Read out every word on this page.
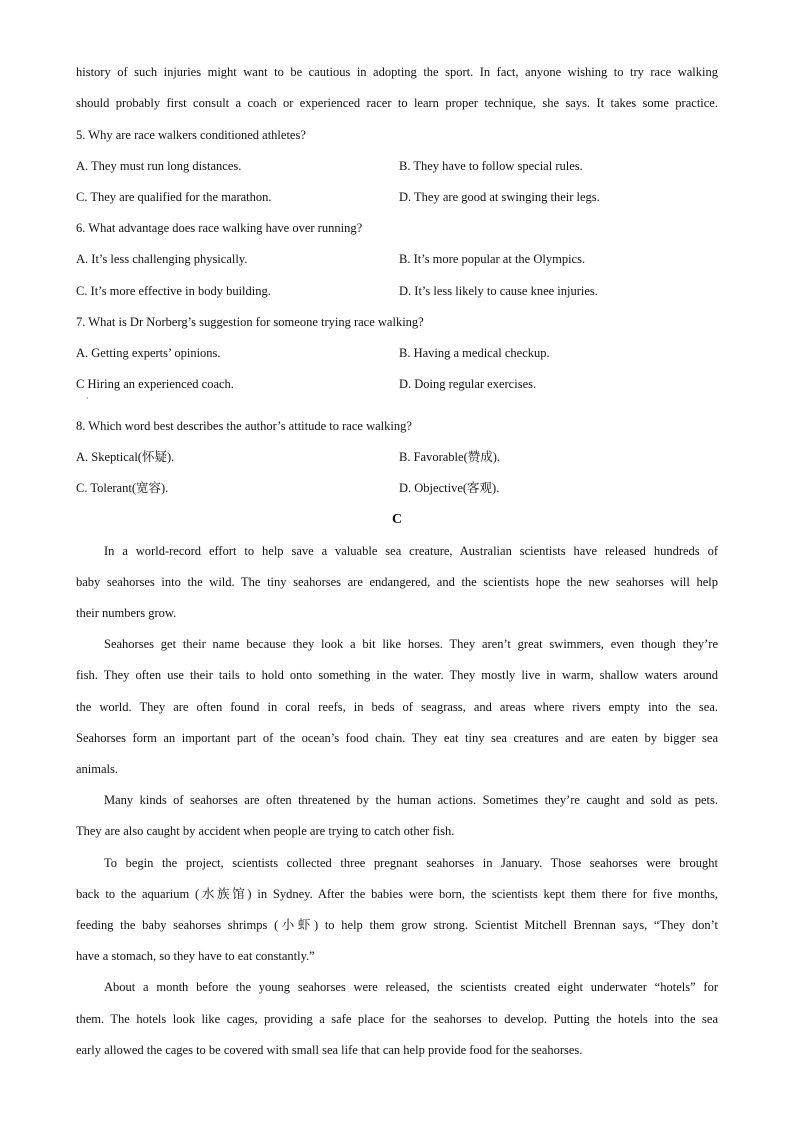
history of such injuries might want to be cautious in adopting the sport. In fact, anyone wishing to try race walking
should probably first consult a coach or experienced racer to learn proper technique, she says. It takes some practice.
5. Why are race walkers conditioned athletes?
A. They must run long distances.	B. They have to follow special rules.
C. They are qualified for the marathon.	D. They are good at swinging their legs.
6. What advantage does race walking have over running?
A. It’s less challenging physically.	B. It’s more popular at the Olympics.
C. It’s more effective in body building.	D. It’s less likely to cause knee injuries.
7. What is Dr Norberg’s suggestion for someone trying race walking?
A. Getting experts’ opinions.	B. Having a medical checkup.
C Hiring an experienced coach.	D. Doing regular exercises.
·
8. Which word best describes the author’s attitude to race walking?
A. Skeptical(怀疑).	B. Favorable(赞成).
C. Tolerant(宽容).	D. Objective(客观).
C
In a world-record effort to help save a valuable sea creature, Australian scientists have released hundreds of
baby seahorses into the wild. The tiny seahorses are endangered, and the scientists hope the new seahorses will help
their numbers grow.
Seahorses get their name because they look a bit like horses. They aren’t great swimmers, even though they’re
fish. They often use their tails to hold onto something in the water. They mostly live in warm, shallow waters around
the world. They are often found in coral reefs, in beds of seagrass, and areas where rivers empty into the sea.
Seahorses form an important part of the ocean’s food chain. They eat tiny sea creatures and are eaten by bigger sea
animals.
Many kinds of seahorses are often threatened by the human actions. Sometimes they’re caught and sold as pets.
They are also caught by accident when people are trying to catch other fish.
To begin the project, scientists collected three pregnant seahorses in January. Those seahorses were brought
back to the aquarium (水族馆) in Sydney. After the babies were born, the scientists kept them there for five months,
feeding the baby seahorses shrimps (小虾) to help them grow strong. Scientist Mitchell Brennan says, “They don’t
have a stomach, so they have to eat constantly.”
About a month before the young seahorses were released, the scientists created eight underwater “hotels” for
them. The hotels look like cages, providing a safe place for the seahorses to develop. Putting the hotels into the sea
early allowed the cages to be covered with small sea life that can help provide food for the seahorses.
